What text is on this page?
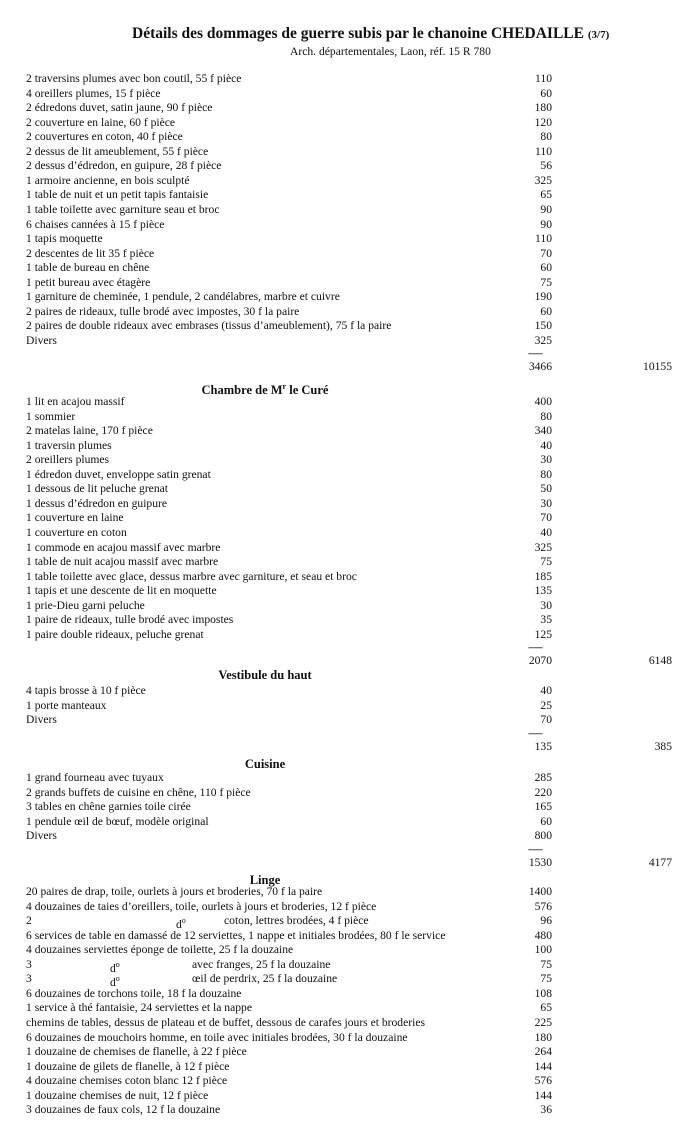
Détails des dommages de guerre subis par le chanoine CHEDAILLE (3/7)
Arch. départementales, Laon, réf. 15 R 780
2 traversins plumes avec bon coutil, 55 f pièce	110
4 oreillers plumes, 15 f pièce	60
2 édredons duvet, satin jaune, 90 f pièce	180
2 couverture en laine, 60 f pièce	120
2 couvertures en coton, 40 f pièce	80
2 dessus de lit ameublement, 55 f pièce	110
2 dessus d’édredon, en guipure, 28 f pièce	56
1 armoire ancienne, en bois sculpté	325
1 table de nuit et un petit tapis fantaisie	65
1 table toilette avec garniture seau et broc	90
6 chaises cannées à 15 f pièce	90
1 tapis moquette	110
2 descentes de lit 35 f pièce	70
1 table de bureau en chêne	60
1 petit bureau avec étagère	75
1 garniture de cheminée, 1 pendule, 2 candélabres, marbre et cuivre	190
2 paires de rideaux, tulle brodé avec impostes, 30 f la paire	60
2 paires de double rideaux avec embrases (tissus d’ameublement), 75 f la paire	150
Divers	325
-------
3466	10155
Chambre de $M^r$ le Curé
1 lit en acajou massif	400
1 sommier	80
2 matelas laine, 170 f pièce	340
1 traversin plumes	40
2 oreillers plumes	30
1 édredon duvet, enveloppe satin grenat	80
1 dessous de lit peluche grenat	50
1 dessus d’édredon en guipure	30
1 couverture en laine	70
1 couverture en coton	40
1 commode en acajou massif avec marbre	325
1 table de nuit acajou massif avec marbre	75
1 table toilette avec glace, dessus marbre avec garniture, et seau et broc	185
1 tapis et une descente de lit en moquette	135
1 prie-Dieu garni peluche	30
1 paire de rideaux, tulle brodé avec impostes	35
1 paire double rideaux, peluche grenat	125
-------
2070	6148
Vestibule du haut
4 tapis brosse à 10 f pièce	40
1 porte manteaux	25
Divers	70
-------
135	385
Cuisine
1 grand fourneau avec tuyaux	285
2 grands buffets de cuisine en chêne, 110 f pièce	220
3 tables en chêne garnies toile cirée	165
1 pendule œil de bœuf, modèle original	60
Divers	800
-------
1530	4177
Linge
20 paires de drap, toile, ourlets à jours et broderies, 70 f la paire	1400
4 douzaines de taies d’oreillers, toile, ourlets à jours et broderies, 12 f pièce	576
2	$d^o$	coton, lettres brodées, 4 f pièce	96
6 services de table en damassé de 12 serviettes, 1 nappe et initiales brodées, 80 f le service	480
4 douzaines serviettes éponge de toilette, 25 f la douzaine	100
3	$d^o$	avec franges, 25 f la douzaine	75
3	$d^o$	œil de perdrix, 25 f la douzaine	75
6 douzaines de torchons toile, 18 f la douzaine	108
1 service à thé fantaisie, 24 serviettes et la nappe	65
chemins de tables, dessus de plateau et de buffet, dessous de carafes jours et broderies	225
6 douzaines de mouchoirs homme, en toile avec initiales brodées, 30 f la douzaine	180
1 douzaine de chemises de flanelle, à 22 f pièce	264
1 douzaine de gilets de flanelle, à 12 f pièce	144
4 douzaine chemises coton blanc 12 f pièce	576
1 douzaine chemises de nuit, 12 f pièce	144
3 douzaines de faux cols, 12 f la douzaine	36
